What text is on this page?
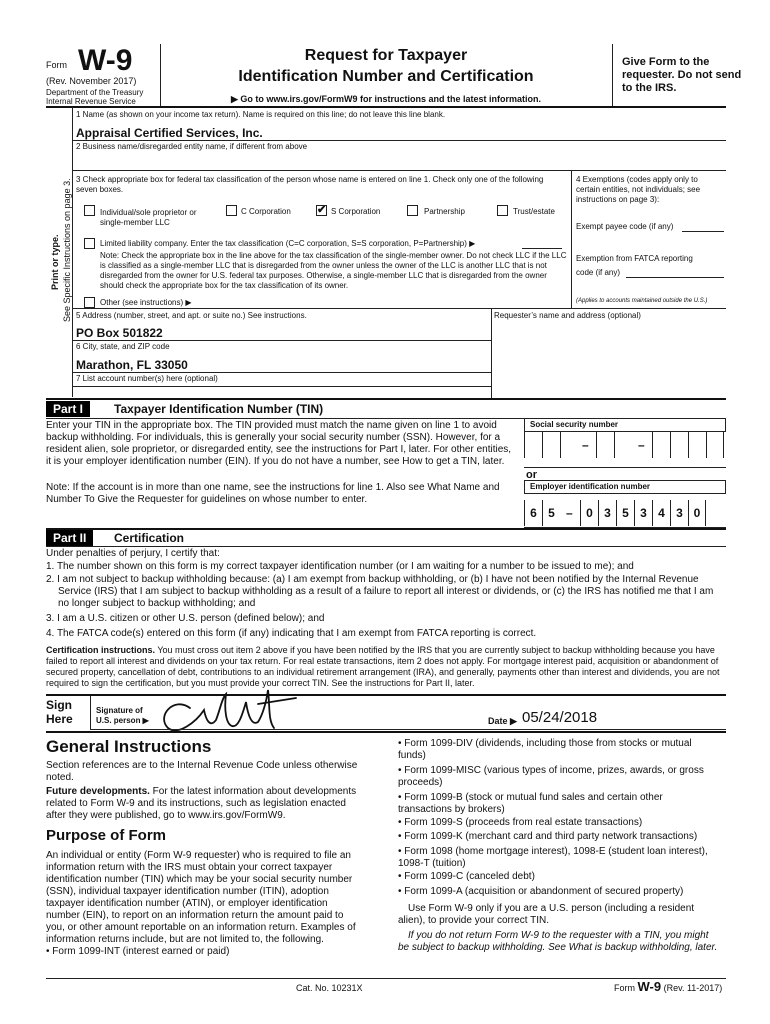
Form W-9
(Rev. November 2017)
Department of the Treasury
Internal Revenue Service
Request for Taxpayer
Identification Number and Certification
▶ Go to www.irs.gov/FormW9 for instructions and the latest information.
Give Form to the requester. Do not send to the IRS.
Print or type. See Specific Instructions on page 3.
1 Name (as shown on your income tax return). Name is required on this line; do not leave this line blank.
Appraisal Certified Services, Inc.
2 Business name/disregarded entity name, if different from above
3 Check appropriate box for federal tax classification of the person whose name is entered on line 1. Check only one of the following seven boxes.
Individual/sole proprietor or single-member LLC
C Corporation ✔ S Corporation	Partnership	Trust/estate
Limited liability company. Enter the tax classification (C=C corporation, S=S corporation, P=Partnership) ▶
Note: Check the appropriate box in the line above for the tax classification of the single-member owner. Do not check LLC if the LLC is classified as a single-member LLC that is disregarded from the owner unless the owner of the LLC is another LLC that is not disregarded from the owner for U.S. federal tax purposes. Otherwise, a single-member LLC that is disregarded from the owner should check the appropriate box for the tax classification of its owner.
Other (see instructions) ▶
4 Exemptions (codes apply only to certain entities, not individuals; see instructions on page 3):
Exempt payee code (if any)
Exemption from FATCA reporting
code (if any)
(Applies to accounts maintained outside the U.S.)
5 Address (number, street, and apt. or suite no.) See instructions.
PO Box 501822
Requester’s name and address (optional)
6 City, state, and ZIP code
Marathon, FL 33050
7 List account number(s) here (optional)
Part I	Taxpayer Identification Number (TIN)
Enter your TIN in the appropriate box. The TIN provided must match the name given on line 1 to avoid backup withholding. For individuals, this is generally your social security number (SSN). However, for a resident alien, sole proprietor, or disregarded entity, see the instructions for Part I, later. For other entities, it is your employer identification number (EIN). If you do not have a number, see How to get a TIN, later.
Note: If the account is in more than one name, see the instructions for line 1. Also see What Name and Number To Give the Requester for guidelines on whose number to enter.
Social security number
–	–
or
Employer identification number
6 5 –	0 3 5 3 4 3 0
Part II	Certification
Under penalties of perjury, I certify that:
1. The number shown on this form is my correct taxpayer identification number (or I am waiting for a number to be issued to me); and
2. I am not subject to backup withholding because: (a) I am exempt from backup withholding, or (b) I have not been notified by the Internal Revenue Service (IRS) that I am subject to backup withholding as a result of a failure to report all interest or dividends, or (c) the IRS has notified me that I am no longer subject to backup withholding; and
3. I am a U.S. citizen or other U.S. person (defined below); and
4. The FATCA code(s) entered on this form (if any) indicating that I am exempt from FATCA reporting is correct.
Certification instructions. You must cross out item 2 above if you have been notified by the IRS that you are currently subject to backup withholding because you have failed to report all interest and dividends on your tax return. For real estate transactions, item 2 does not apply. For mortgage interest paid, acquisition or abandonment of secured property, cancellation of debt, contributions to an individual retirement arrangement (IRA), and generally, payments other than interest and dividends, you are not required to sign the certification, but you must provide your correct TIN. See the instructions for Part II, later.
Sign
Here
Signature of
U.S. person ▶	Date ▶ 05/24/2018
General Instructions
Section references are to the Internal Revenue Code unless otherwise noted.
Future developments. For the latest information about developments related to Form W-9 and its instructions, such as legislation enacted after they were published, go to www.irs.gov/FormW9.
Purpose of Form
An individual or entity (Form W-9 requester) who is required to file an information return with the IRS must obtain your correct taxpayer identification number (TIN) which may be your social security number (SSN), individual taxpayer identification number (ITIN), adoption taxpayer identification number (ATIN), or employer identification number (EIN), to report on an information return the amount paid to you, or other amount reportable on an information return. Examples of information returns include, but are not limited to, the following.
• Form 1099-INT (interest earned or paid)
• Form 1099-DIV (dividends, including those from stocks or mutual funds)
• Form 1099-MISC (various types of income, prizes, awards, or gross proceeds)
• Form 1099-B (stock or mutual fund sales and certain other transactions by brokers)
• Form 1099-S (proceeds from real estate transactions)
• Form 1099-K (merchant card and third party network transactions)
• Form 1098 (home mortgage interest), 1098-E (student loan interest), 1098-T (tuition)
• Form 1099-C (canceled debt)
• Form 1099-A (acquisition or abandonment of secured property)
Use Form W-9 only if you are a U.S. person (including a resident alien), to provide your correct TIN.
If you do not return Form W-9 to the requester with a TIN, you might be subject to backup withholding. See What is backup withholding, later.
Cat. No. 10231X	Form W-9 (Rev. 11-2017)
